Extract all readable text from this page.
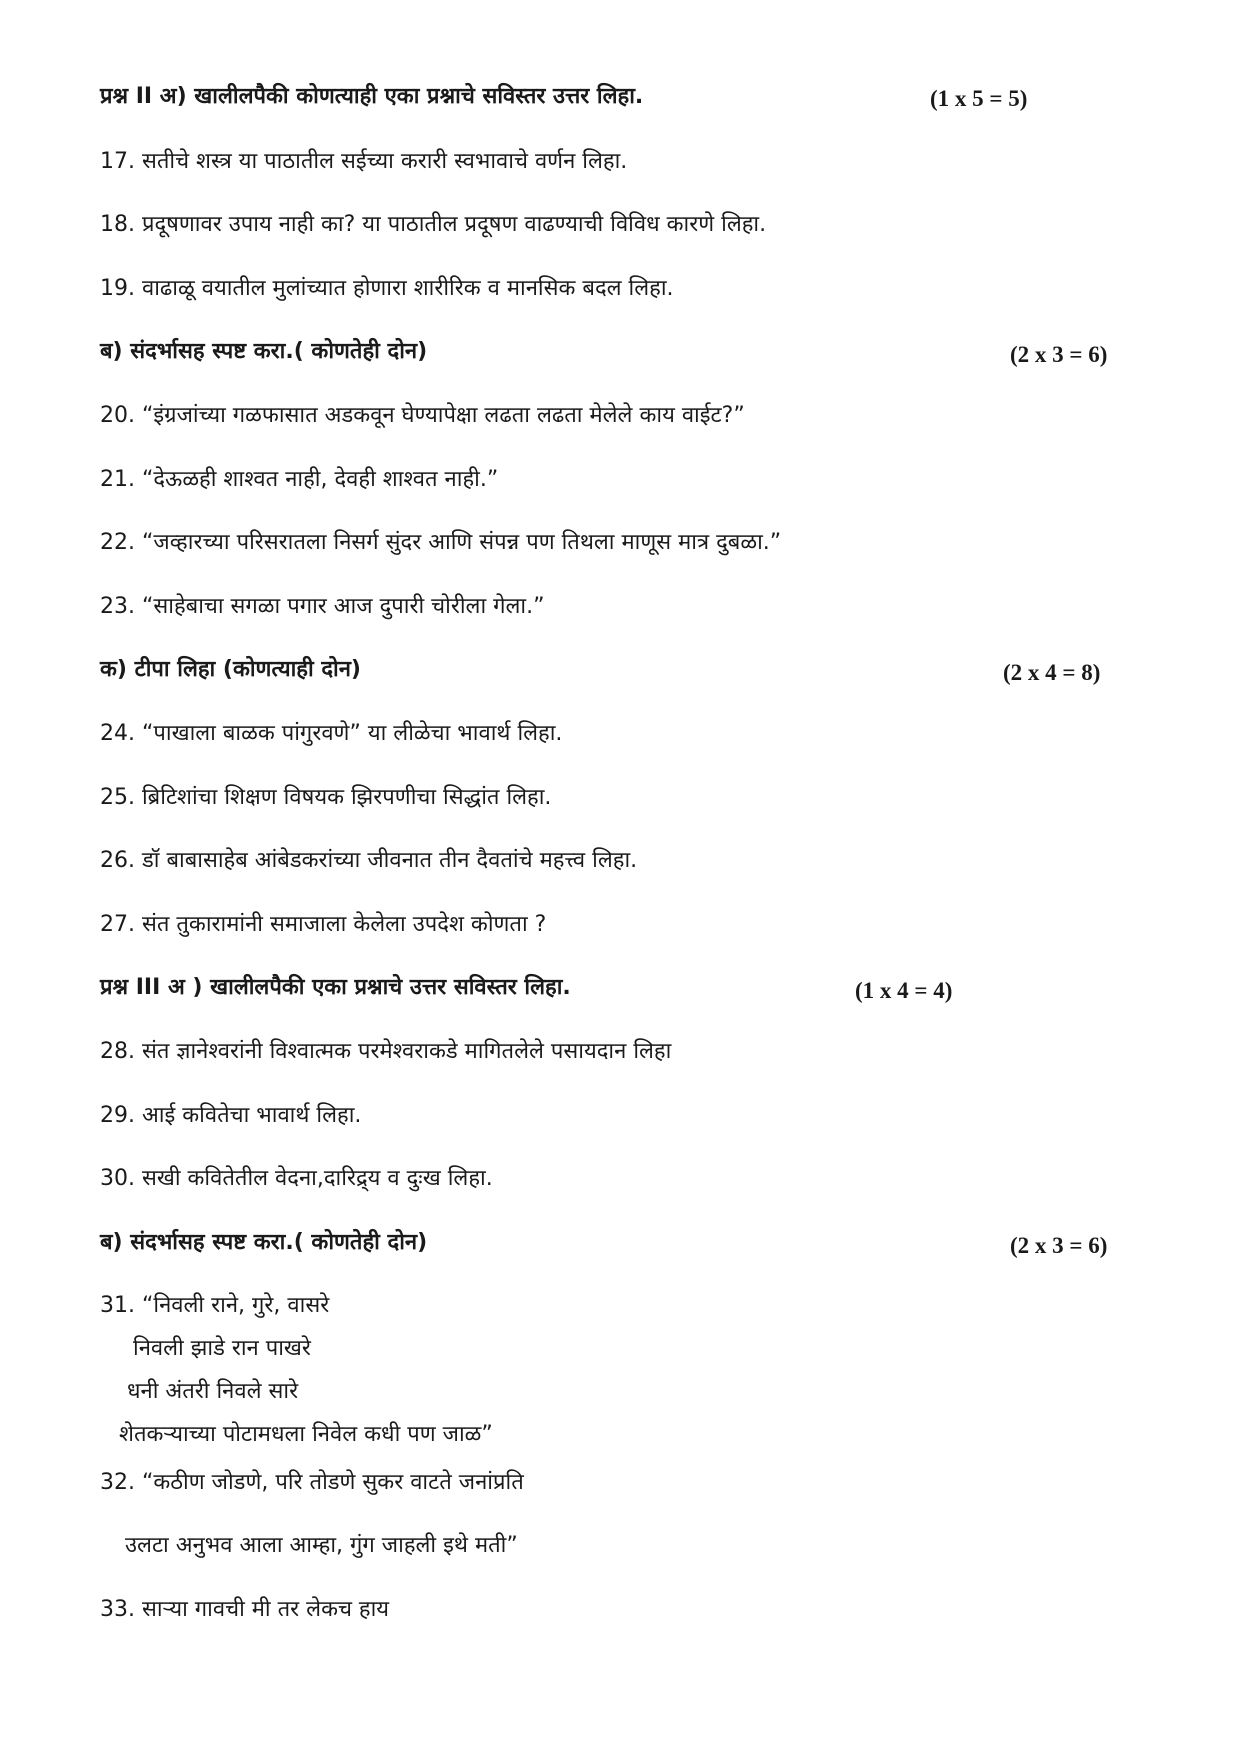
प्रश्न II अ) खालीलपैकी कोणत्याही एका प्रश्नाचे सविस्तर उत्तर लिहा.	(1 x 5 = 5)
17. सतीचे शस्त्र या पाठातील सईच्या करारी स्वभावाचे वर्णन लिहा.
18. प्रदूषणावर उपाय नाही का? या पाठातील प्रदूषण वाढण्याची विविध कारणे लिहा.
19. वाढाळू वयातील मुलांच्यात होणारा शारीरिक व मानसिक बदल लिहा.
ब) संदर्भासह स्पष्ट करा.( कोणतेही दोन)	(2 x 3 = 6)
20. “इंग्रजांच्या गळफासात अडकवून घेण्यापेक्षा लढता लढता मेलेले काय वाईट?”
21. “देऊळही शाश्वत नाही, देवही शाश्वत नाही.”
22. “जव्हारच्या परिसरातला निसर्ग सुंदर आणि संपन्न पण तिथला माणूस मात्र दुबळा.”
23. “साहेबाचा सगळा पगार आज दुपारी चोरीला गेला.”
क) टीपा लिहा (कोणत्याही दोन)	(2 x 4 = 8)
24. “पाखाला बाळक पांगुरवणे” या लीळेचा भावार्थ लिहा.
25. ब्रिटिशांचा शिक्षण विषयक झिरपणीचा सिद्धांत लिहा.
26. डॉ बाबासाहेब आंबेडकरांच्या जीवनात तीन दैवतांचे महत्त्व लिहा.
27. संत तुकारामांनी समाजाला केलेला उपदेश कोणता ?
प्रश्न III अ ) खालीलपैकी एका प्रश्नाचे उत्तर सविस्तर लिहा.	(1 x 4 = 4)
28. संत ज्ञानेश्वरांनी विश्वात्मक परमेश्वराकडे मागितलेले पसायदान लिहा
29. आई कवितेचा भावार्थ लिहा.
30. सखी कवितेतील वेदना,दारिद्र्य व दुःख लिहा.
ब) संदर्भासह स्पष्ट करा.( कोणतेही दोन)	(2 x 3 = 6)
31. “निवली राने, गुरे, वासरे
निवली झाडे रान पाखरे
धनी अंतरी निवले सारे
शेतकऱ्याच्या पोटामधला निवेल कधी पण जाळ”
32. “कठीण जोडणे, परि तोडणे सुकर वाटते जनांप्रति
उलटा अनुभव आला आम्हा, गुंग जाहली इथे मती”
33. साऱ्या गावची मी तर लेकच हाय
